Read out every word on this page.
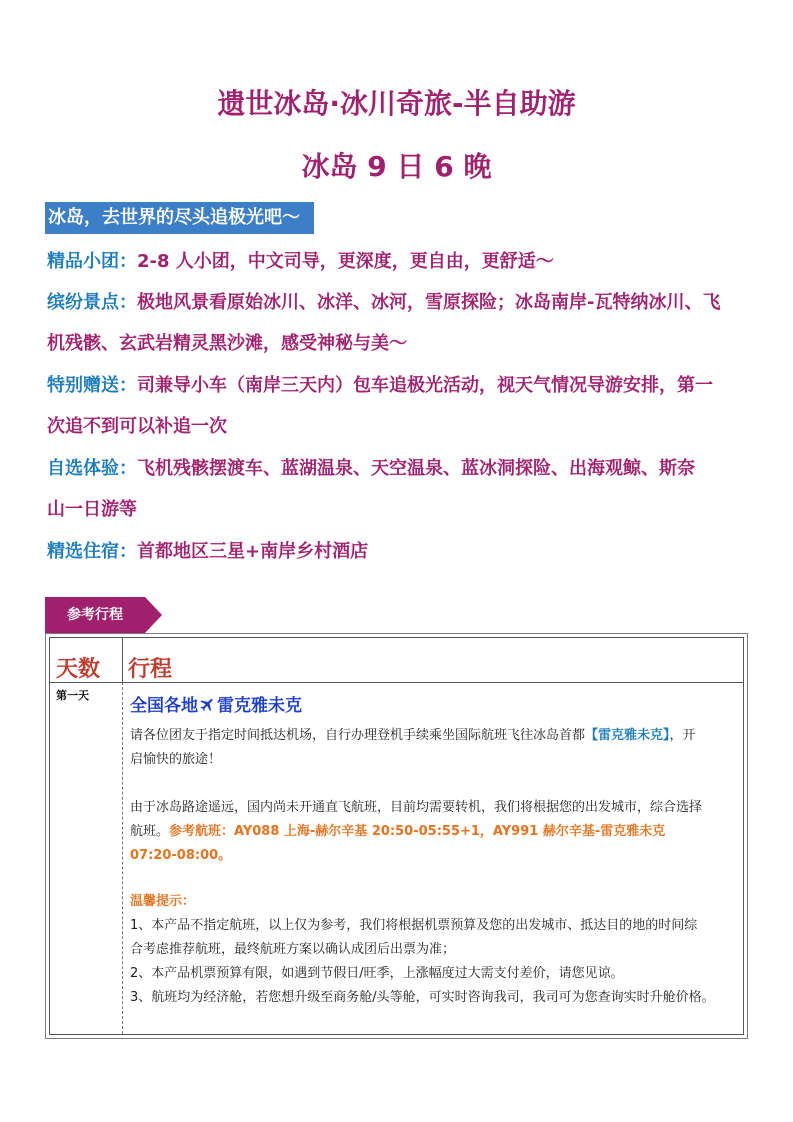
遗世冰岛·冰川奇旅-半自助游
冰岛 9 日 6 晚
冰岛，去世界的尽头追极光吧～
精品小团：2-8 人小团，中文司导，更深度，更自由，更舒适～
缤纷景点：极地风景看原始冰川、冰洋、冰河，雪原探险；冰岛南岸-瓦特纳冰川、飞
机残骸、玄武岩精灵黑沙滩，感受神秘与美～
特别赠送：司兼导小车（南岸三天内）包车追极光活动，视天气情况导游安排，第一
次追不到可以补追一次
自选体验：飞机残骸摆渡车、蓝湖温泉、天空温泉、蓝冰洞探险、出海观鲸、斯奈
山一日游等
精选住宿：首都地区三星+南岸乡村酒店
参考行程
天数 行程
第一天
全国各地 雷克雅未克
请各位团友于指定时间抵达机场，自行办理登机手续乘坐国际航班飞往冰岛首都【雷克雅未克】，开
启愉快的旅途！
由于冰岛路途遥远，国内尚未开通直飞航班，目前均需要转机，我们将根据您的出发城市，综合选择
航班。参考航班：AY088 上海-赫尔辛基 20:50-05:55+1，AY991 赫尔辛基-雷克雅未克
07:20-08:00。
温馨提示：
1、本产品不指定航班，以上仅为参考，我们将根据机票预算及您的出发城市、抵达目的地的时间综
合考虑推荐航班，最终航班方案以确认成团后出票为准；
2、本产品机票预算有限，如遇到节假日/旺季，上涨幅度过大需支付差价，请您见谅。
3、航班均为经济舱，若您想升级至商务舱/头等舱，可实时咨询我司，我司可为您查询实时升舱价格。
